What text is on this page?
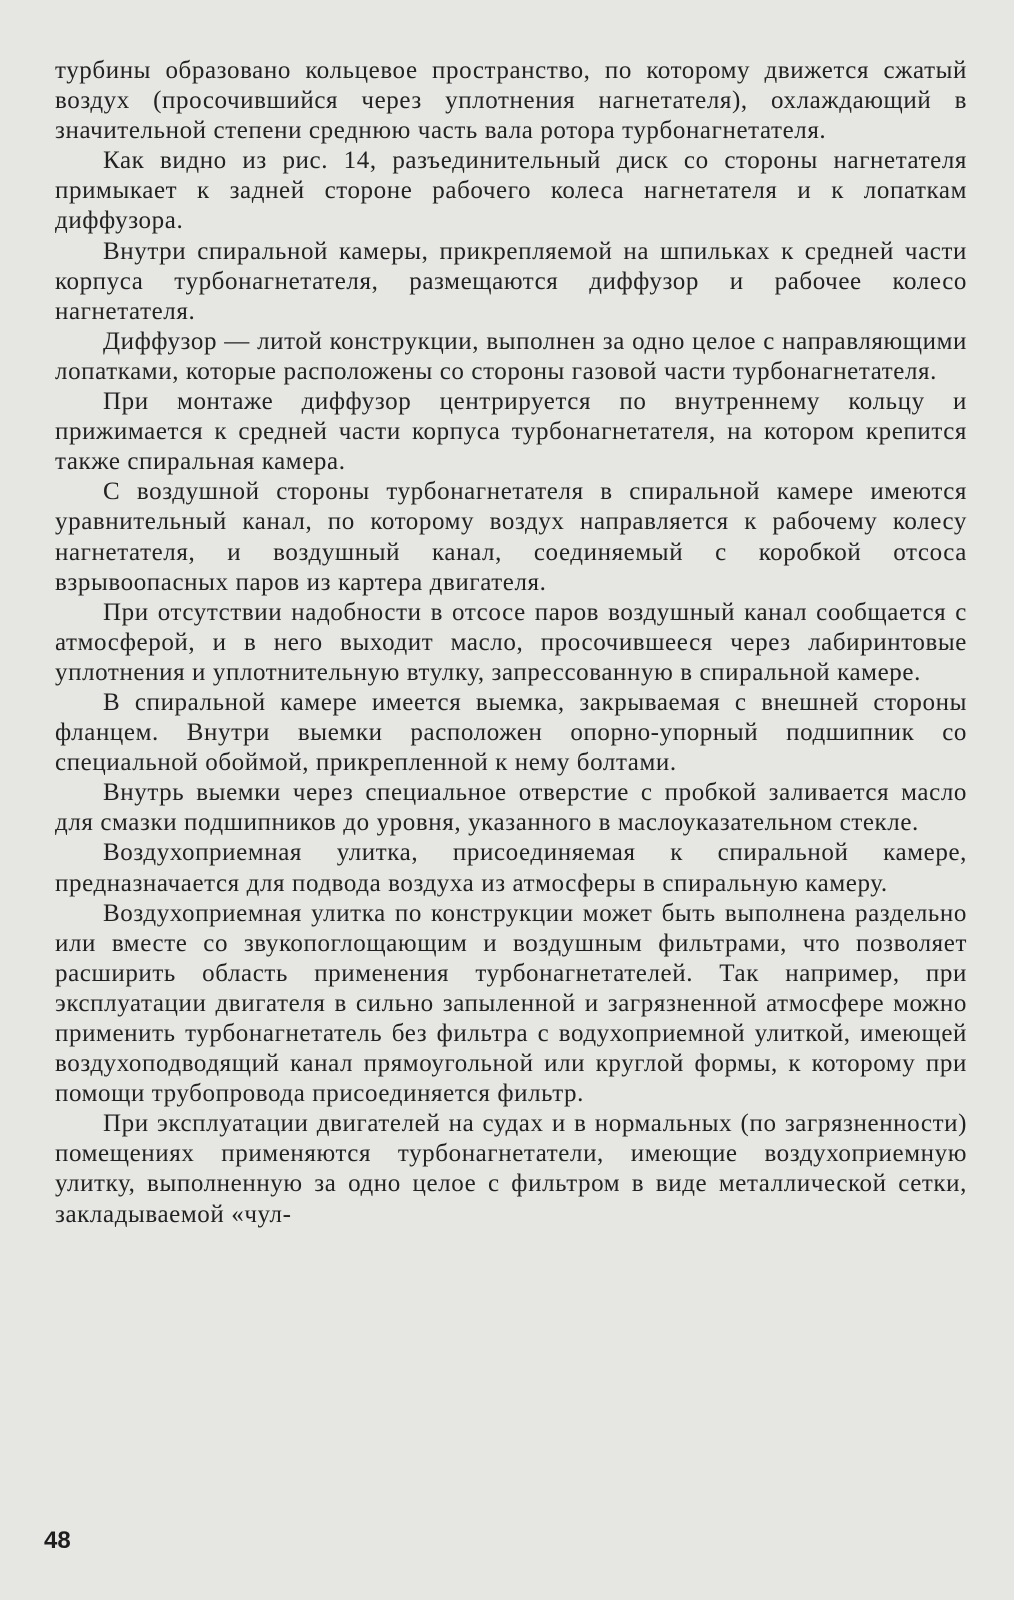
турбины образовано кольцевое пространство, по которому движется сжатый воздух (просочившийся через уплотнения нагнетателя), охлаждающий в значительной степени среднюю часть вала ротора турбонагнетателя.

Как видно из рис. 14, разъединительный диск со стороны нагнетателя примыкает к задней стороне рабочего колеса нагнетателя и к лопаткам диффузора.

Внутри спиральной камеры, прикрепляемой на шпильках к средней части корпуса турбонагнетателя, размещаются диффузор и рабочее колесо нагнетателя.

Диффузор — литой конструкции, выполнен за одно целое с направляющими лопатками, которые расположены со стороны газовой части турбонагнетателя.

При монтаже диффузор центрируется по внутреннему кольцу и прижимается к средней части корпуса турбонагнетателя, на котором крепится также спиральная камера.

С воздушной стороны турбонагнетателя в спиральной камере имеются уравнительный канал, по которому воздух направляется к рабочему колесу нагнетателя, и воздушный канал, соединяемый с коробкой отсоса взрывоопасных паров из картера двигателя.

При отсутствии надобности в отсосе паров воздушный канал сообщается с атмосферой, и в него выходит масло, просочившееся через лабиринтовые уплотнения и уплотнительную втулку, запрессованную в спиральной камере.

В спиральной камере имеется выемка, закрываемая с внешней стороны фланцем. Внутри выемки расположен опорно-упорный подшипник со специальной обоймой, прикрепленной к нему болтами.

Внутрь выемки через специальное отверстие с пробкой заливается масло для смазки подшипников до уровня, указанного в маслоуказательном стекле.

Воздухоприемная улитка, присоединяемая к спиральной камере, предназначается для подвода воздуха из атмосферы в спиральную камеру.

Воздухоприемная улитка по конструкции может быть выполнена раздельно или вместе со звукопоглощающим и воздушным фильтрами, что позволяет расширить область применения турбонагнетателей. Так например, при эксплуатации двигателя в сильно запыленной и загрязненной атмосфере можно применить турбонагнетатель без фильтра с водухоприемной улиткой, имеющей воздухоподводящий канал прямоугольной или круглой формы, к которому при помощи трубопровода присоединяется фильтр.

При эксплуатации двигателей на судах и в нормальных (по загрязненности) помещениях применяются турбонагнетатели, имеющие воздухоприемную улитку, выполненную за одно целое с фильтром в виде металлической сетки, закладываемой «чул-

48
